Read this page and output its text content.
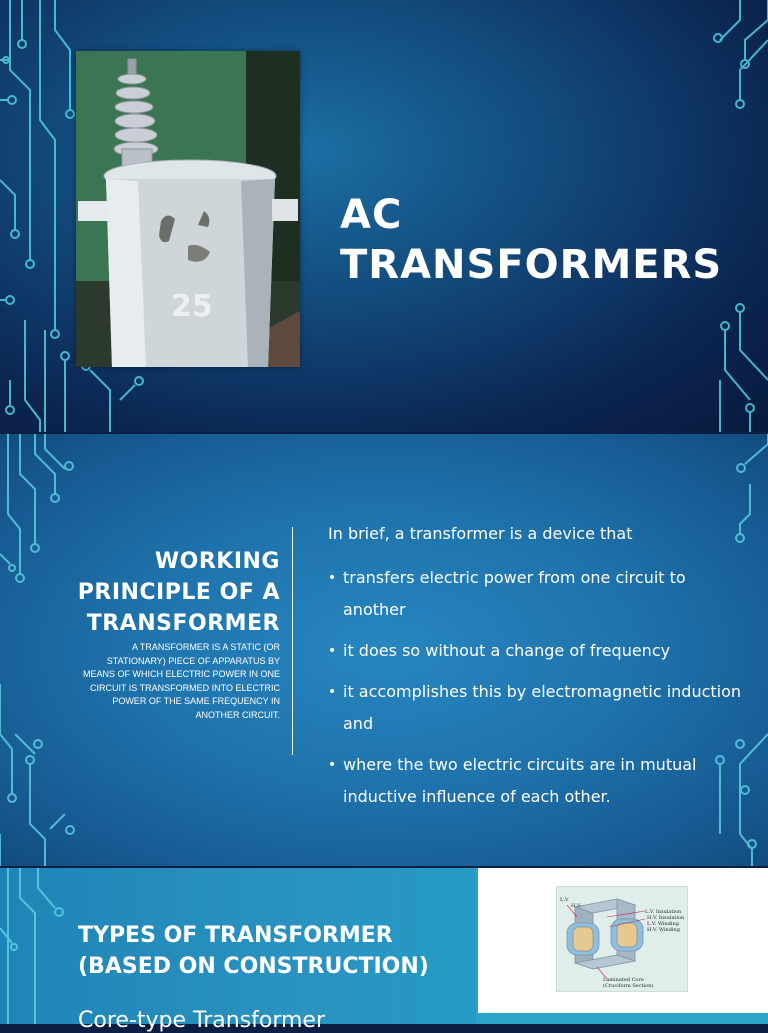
25
AC
TRANSFORMERS
WORKING PRINCIPLE OF A TRANSFORMER
A TRANSFORMER IS A STATIC (OR STATIONARY) PIECE OF APPARATUS BY MEANS OF WHICH ELECTRIC POWER IN ONE CIRCUIT IS TRANSFORMED INTO ELECTRIC POWER OF THE SAME FREQUENCY IN ANOTHER CIRCUIT.
In brief, a transformer is a device that
• transfers electric power from one circuit to another
• it does so without a change of frequency
• it accomplishes this by electromagnetic induction and
• where the two electric circuits are in mutual inductive influence of each other.
TYPES OF TRANSFORMER (BASED ON CONSTRUCTION)
Core-type Transformer
L.V
H.V.
L.V. Insulation
H.V. Insulation
L.V. Winding
H.V. Winding
Laminated Core
(Cruciform Section)
